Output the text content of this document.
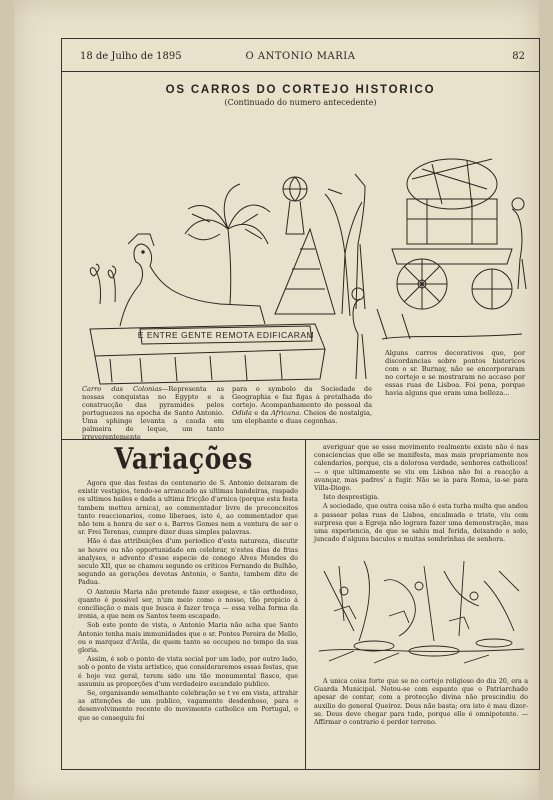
18 de Julho de 1895	O ANTONIO MARIA	82
OS CARROS DO CORTEJO HISTORICO
(Continuado do numero antecedente)
E ENTRE GENTE REMOTA EDIFICARAM
Carro das Colonias—Representa as nossas conquistas no Egypto e a construcção das pyramides pelos portuguezes na epocha de Santo Antonio. Uma sphinge levanta a cauda em palmeira de leque, um tanto irreverentemente
para o symbolo da Sociedade de Geographia e faz figas á pretalhada do cortejo. Acompanhamento do pessoal da Odida e da Africana. Cheios de nostalgia, um elephante e duas cegonhas.
Alguns carros decorativos que, por discordancias sobre pontos historicos com o sr. Burnay, não se encorporaram no cortejo e se mostraram no accaso por essas ruas de Lisboa. Foi pena, porque havia alguns que eram uma belleza...
Variações

Agora que das festas do centenario de S. Antonio deixaram de existir vestigios, tendo-se arrancado as ultimas bandeiras, raspado os ultimos bailes e dada a ultima fricção d'arnica (porque esta festa tambem metteu arnica), ao commentador livre de preconceitos tanto reaccionarios, como liberaes, isto é, ao commentador que não tem a honra de ser o s. Barros Gomes nem a ventura de ser o sr. Frei Terenas, cumpre dizer duas simples palavras.

Hão é das attribuições d'um periodico d'esta natureza, discutir se houve ou não opportunidade em celebrar, n'estes dias de frias analyses, o advento d'esse especie de conego Alves Mendes do seculo XII, que se chamou segundo os criticos Fernando de Bulhão, segundo as gerações devotas Antonio, o Santo, tambem dito de Padua.

O Antonio Maria não pretende fazer exegese, e tão orthodoxo, quanto é possivel ser, n'um meio como o nosso, tão propicio á conciliação o mais que busca é fazer troça — essa velha forma da ironia, a que nem os Santos teem escapado.

Sob este ponto de vista, o Antonio Maria não acha que Santo Antonio tenha mais immunidades que o sr. Pontes Pereira de Mello, ou o marquez d'Avila, de quem tanto se occupou no tempo da sua gloria.

Assim, é sob o ponto de vista social por um lado, por outro lado, sob o ponto de vista artistico, que consideraremos essas festas, que é hoje vez geral, terem sido um tão monumental fiasco, que assumiu as proporções d'um verdadeiro escandalo publico.

Se, organisando semelhante celebração se t ve em vista, attrahir as attenções de um publico, vagamente desdenhoso, para o desenvolvimento recente do movimento catholico em Portugal, o que se conseguiu foi

averiguar que se esse movimento realmente existe não é nas consciencias que elle se manifesta, mas mais propriamente nos calendarios, porque, cis a dolorosa verdade, senhores catholicos! — o que ultimamente se viu em Lisboa não foi a reacção a avançar, mas padres' a fugir. Não se ia para Roma, ia-se para Villa-Diogo.

Isto desprestigia.

A sociedade, que outra coisa não é esta turba multa que andou a passear pelas ruas de Lisboa, encalmada e triste, viu com surpresa que a Egreja não lograra fazer uma demonstração, mas uma experiencia, de que se sahiu mal ferida, deixando o solo, juncado d'alguns baculos e muitas sombrinhas de senhora.

A unica coisa forte que se no cortejo religioso do dia 20, era a Guarda Municipal. Notou-se com espanto que o Patriarchado apesar de contar, com a protecção divina não prescindiu do auxilio do general Queiroz. Deus não basta; ora isto é mau dizer-se. Deus deve chegar para tudo, porque elle é omnipotente. — Affirmar o contrario é perder terreno.
